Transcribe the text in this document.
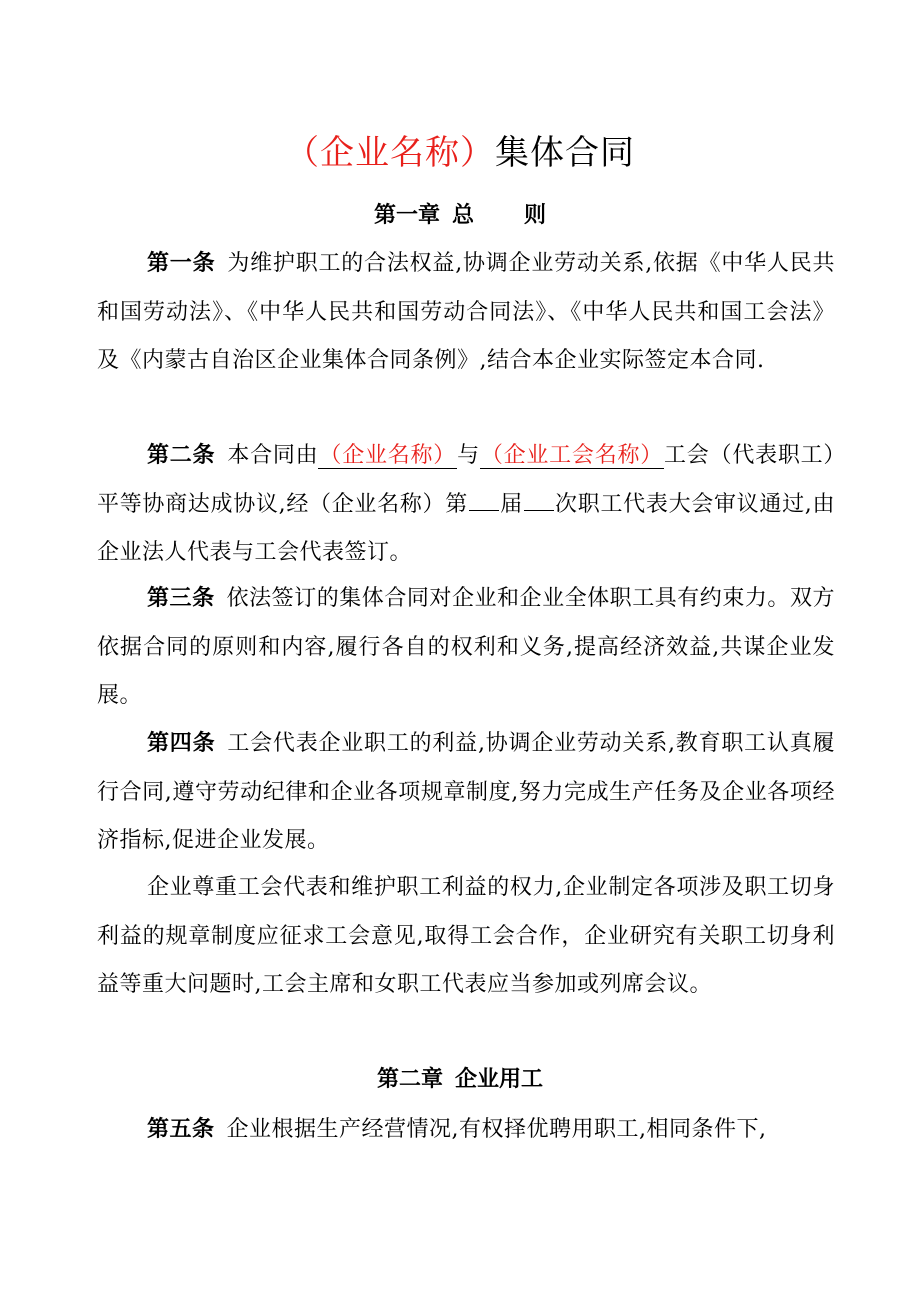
（企业名称）集体合同
第一章 总 则

第一条 为维护职工的合法权益,协调企业劳动关系,依据《中华人民共和国劳动法》、《中华人民共和国劳动合同法》、《中华人民共和国工会法》及《内蒙古自治区企业集体合同条例》,结合本企业实际签定本合同.

第二条 本合同由（企业名称）与（企业工会名称）工会（代表职工）平等协商达成协议,经（企业名称）第 届 次职工代表大会审议通过,由企业法人代表与工会代表签订。

第三条 依法签订的集体合同对企业和企业全体职工具有约束力。双方依据合同的原则和内容,履行各自的权利和义务,提高经济效益,共谋企业发展。

第四条 工会代表企业职工的利益,协调企业劳动关系,教育职工认真履行合同,遵守劳动纪律和企业各项规章制度,努力完成生产任务及企业各项经济指标,促进企业发展。

企业尊重工会代表和维护职工利益的权力,企业制定各项涉及职工切身利益的规章制度应征求工会意见,取得工会合作，企业研究有关职工切身利益等重大问题时,工会主席和女职工代表应当参加或列席会议。

第二章 企业用工

第五条 企业根据生产经营情况,有权择优聘用职工,相同条件下,
